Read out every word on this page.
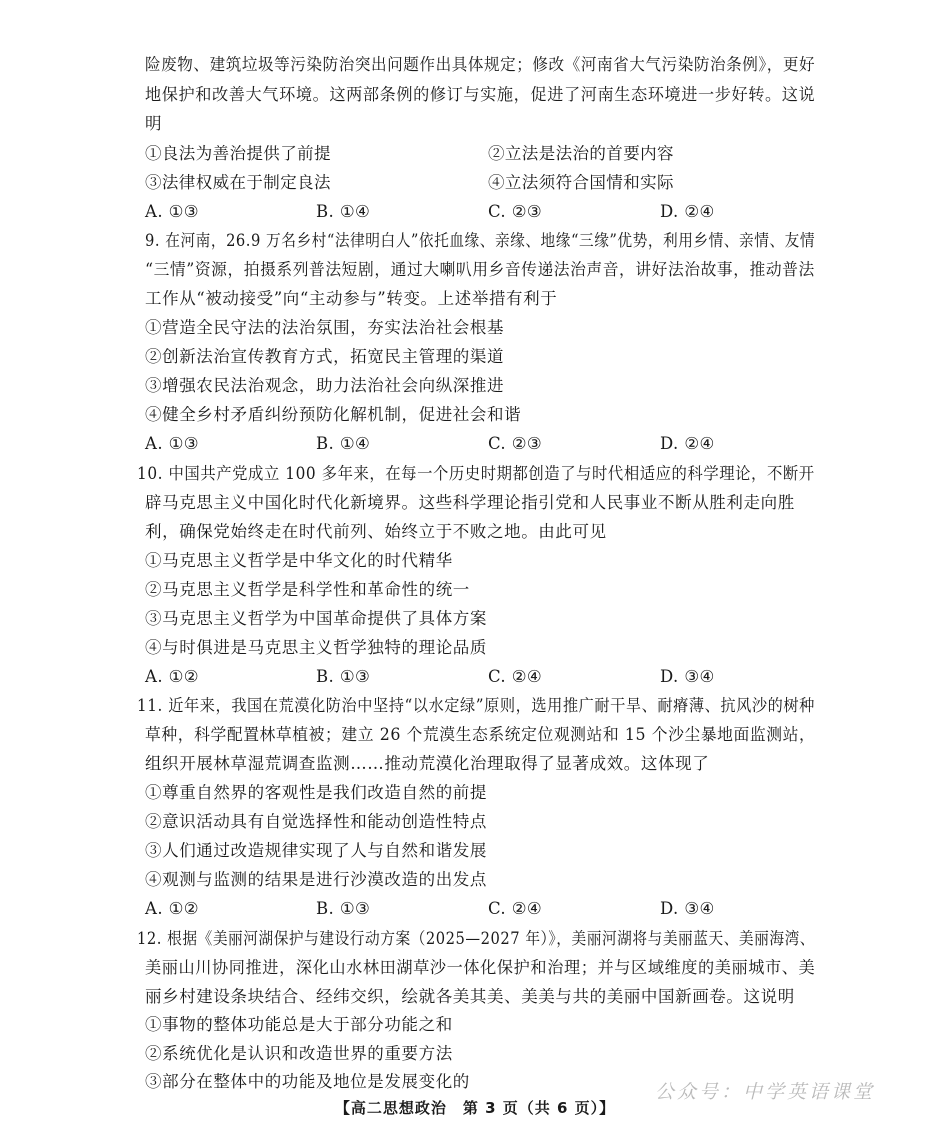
险废物、建筑垃圾等污染防治突出问题作出具体规定；修改《河南省大气污染防治条例》，更好
地保护和改善大气环境。这两部条例的修订与实施，促进了河南生态环境进一步好转。这说
明
①良法为善治提供了前提	②立法是法治的首要内容
③法律权威在于制定良法	④立法须符合国情和实际
A. ①③	B. ①④	C. ②③	D. ②④
9. 在河南，26.9 万名乡村“法律明白人”依托血缘、亲缘、地缘“三缘”优势，利用乡情、亲情、友情
“三情”资源，拍摄系列普法短剧，通过大喇叭用乡音传递法治声音，讲好法治故事，推动普法
工作从“被动接受”向“主动参与”转变。上述举措有利于
①营造全民守法的法治氛围，夯实法治社会根基
②创新法治宣传教育方式，拓宽民主管理的渠道
③增强农民法治观念，助力法治社会向纵深推进
④健全乡村矛盾纠纷预防化解机制，促进社会和谐
A. ①③	B. ①④	C. ②③	D. ②④
10. 中国共产党成立 100 多年来，在每一个历史时期都创造了与时代相适应的科学理论，不断开
辟马克思主义中国化时代化新境界。这些科学理论指引党和人民事业不断从胜利走向胜
利，确保党始终走在时代前列、始终立于不败之地。由此可见
①马克思主义哲学是中华文化的时代精华
②马克思主义哲学是科学性和革命性的统一
③马克思主义哲学为中国革命提供了具体方案
④与时俱进是马克思主义哲学独特的理论品质
A. ①②	B. ①③	C. ②④	D. ③④
11. 近年来，我国在荒漠化防治中坚持“以水定绿”原则，选用推广耐干旱、耐瘠薄、抗风沙的树种
草种，科学配置林草植被；建立 26 个荒漠生态系统定位观测站和 15 个沙尘暴地面监测站，
组织开展林草湿荒调查监测……推动荒漠化治理取得了显著成效。这体现了
①尊重自然界的客观性是我们改造自然的前提
②意识活动具有自觉选择性和能动创造性特点
③人们通过改造规律实现了人与自然和谐发展
④观测与监测的结果是进行沙漠改造的出发点
A. ①②	B. ①③	C. ②④	D. ③④
12. 根据《美丽河湖保护与建设行动方案（2025—2027 年）》，美丽河湖将与美丽蓝天、美丽海湾、
美丽山川协同推进，深化山水林田湖草沙一体化保护和治理；并与区域维度的美丽城市、美
丽乡村建设条块结合、经纬交织，绘就各美其美、美美与共的美丽中国新画卷。这说明
①事物的整体功能总是大于部分功能之和
②系统优化是认识和改造世界的重要方法
③部分在整体中的功能及地位是发展变化的	公众号：中学英语课堂
【高二思想政治　第 3 页（共 6 页）】
